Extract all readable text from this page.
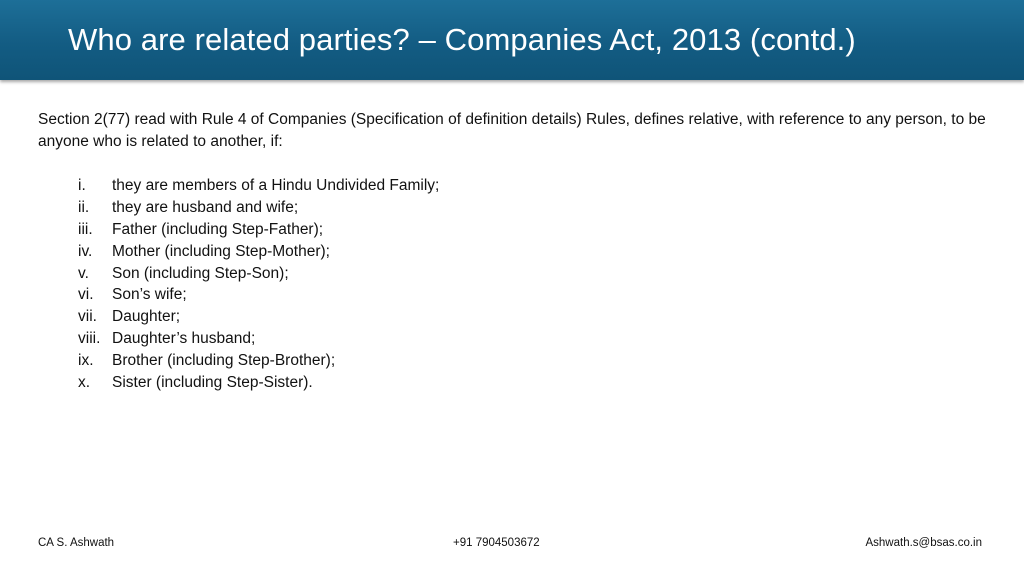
Who are related parties? – Companies Act, 2013 (contd.)
Section 2(77) read with Rule 4 of Companies (Specification of definition details) Rules, defines relative, with reference to any person, to be anyone who is related to another, if:
i.	they are members of a Hindu Undivided Family;
ii.	they are husband and wife;
iii.	Father (including Step-Father);
iv.	Mother (including Step-Mother);
v.	Son (including Step-Son);
vi.	Son’s wife;
vii. Daughter;
viii. Daughter’s husband;
ix.	Brother (including Step-Brother);
x.	Sister (including Step-Sister).
CA S. Ashwath	+91 7904503672	Ashwath.s@bsas.co.in
